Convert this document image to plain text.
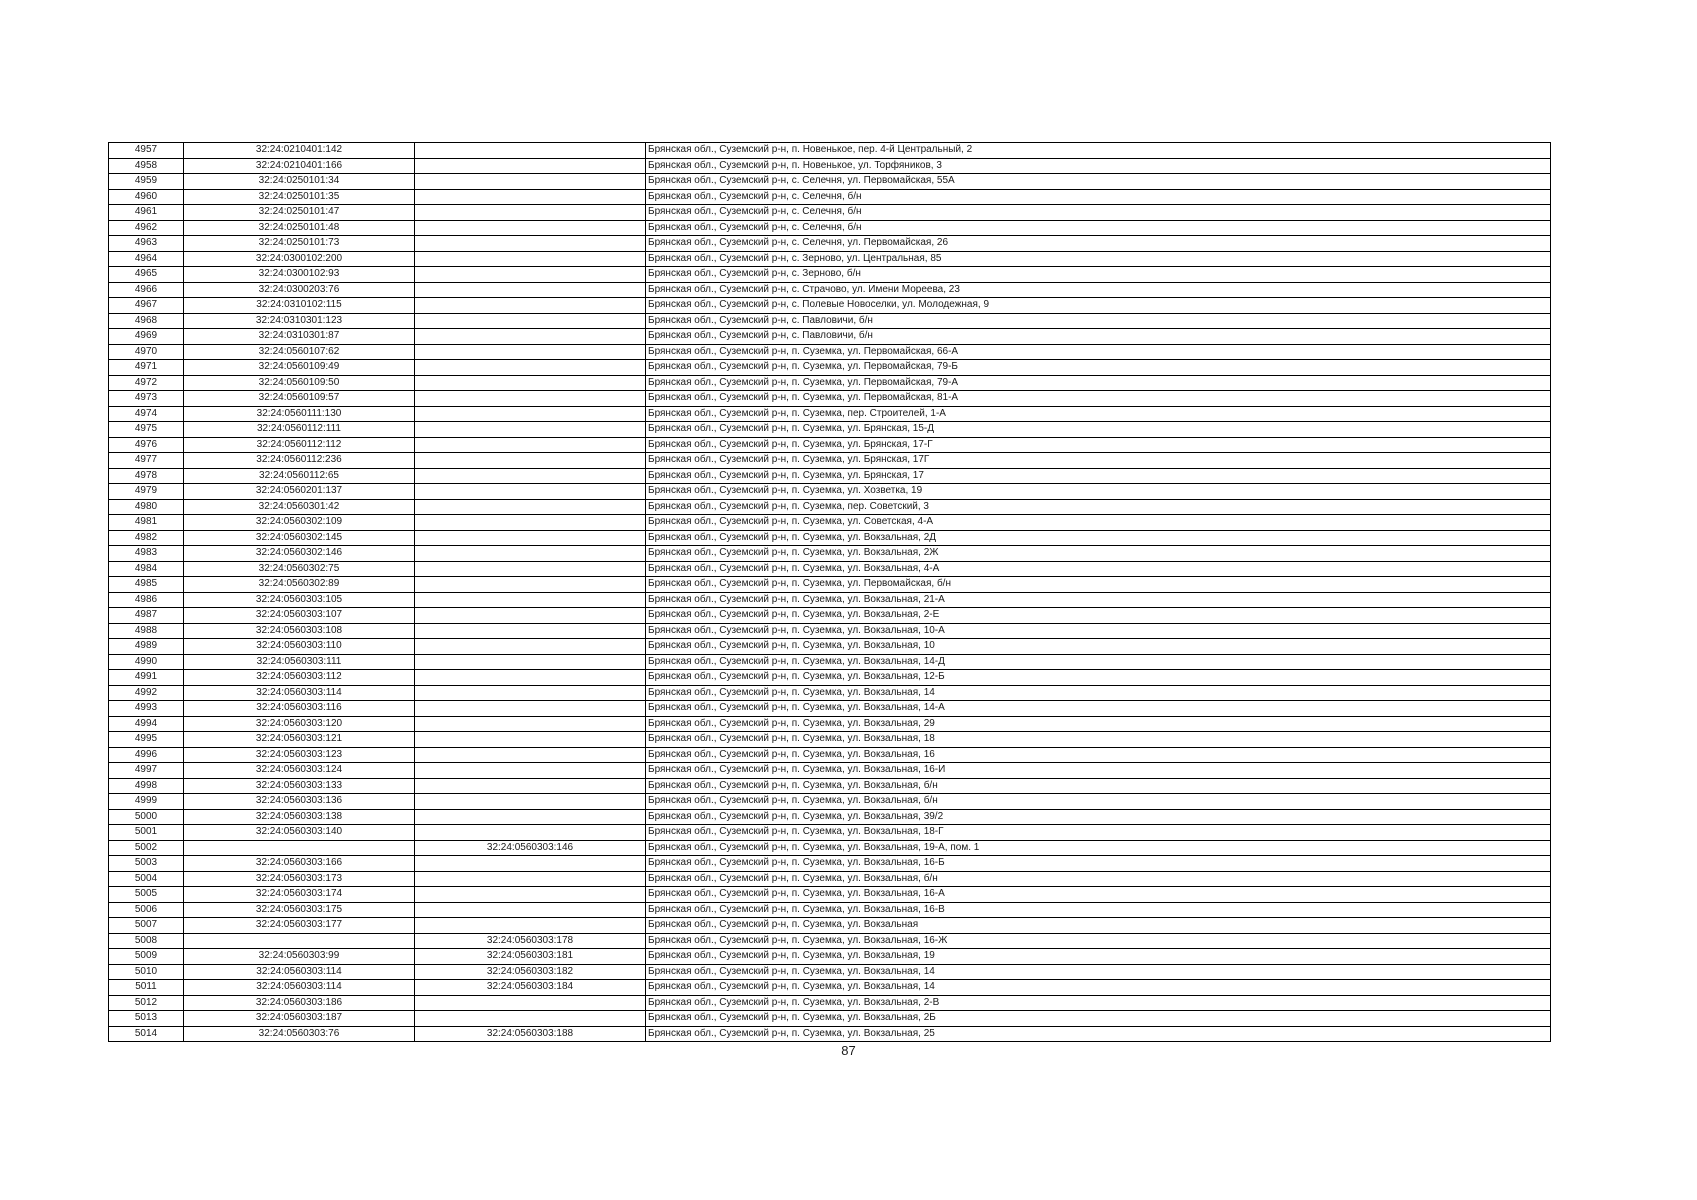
4957	32:24:0210401:142		Брянская обл., Суземский р-н, п. Новенькое, пер. 4-й Центральный, 2
4958	32:24:0210401:166		Брянская обл., Суземский р-н, п. Новенькое, ул. Торфяников, 3
4959	32:24:0250101:34		Брянская обл., Суземский р-н, с. Селечня, ул. Первомайская, 55А
4960	32:24:0250101:35		Брянская обл., Суземский р-н, с. Селечня, б/н
4961	32:24:0250101:47		Брянская обл., Суземский р-н, с. Селечня, б/н
4962	32:24:0250101:48		Брянская обл., Суземский р-н, с. Селечня, б/н
4963	32:24:0250101:73		Брянская обл., Суземский р-н, с. Селечня, ул. Первомайская, 26
4964	32:24:0300102:200		Брянская обл., Суземский р-н, с. Зерново, ул. Центральная, 85
4965	32:24:0300102:93		Брянская обл., Суземский р-н, с. Зерново, б/н
4966	32:24:0300203:76		Брянская обл., Суземский р-н, с. Страчово, ул. Имени Мореева, 23
4967	32:24:0310102:115		Брянская обл., Суземский р-н, с. Полевые Новоселки, ул. Молодежная, 9
4968	32:24:0310301:123		Брянская обл., Суземский р-н, с. Павловичи, б/н
4969	32:24:0310301:87		Брянская обл., Суземский р-н, с. Павловичи, б/н
4970	32:24:0560107:62		Брянская обл., Суземский р-н, п. Суземка, ул. Первомайская, 66-А
4971	32:24:0560109:49		Брянская обл., Суземский р-н, п. Суземка, ул. Первомайская, 79-Б
4972	32:24:0560109:50		Брянская обл., Суземский р-н, п. Суземка, ул. Первомайская, 79-А
4973	32:24:0560109:57		Брянская обл., Суземский р-н, п. Суземка, ул. Первомайская, 81-А
4974	32:24:0560111:130		Брянская обл., Суземский р-н, п. Суземка, пер. Строителей, 1-А
4975	32:24:0560112:111		Брянская обл., Суземский р-н, п. Суземка, ул. Брянская, 15-Д
4976	32:24:0560112:112		Брянская обл., Суземский р-н, п. Суземка, ул. Брянская, 17-Г
4977	32:24:0560112:236		Брянская обл., Суземский р-н, п. Суземка, ул. Брянская, 17Г
4978	32:24:0560112:65		Брянская обл., Суземский р-н, п. Суземка, ул. Брянская, 17
4979	32:24:0560201:137		Брянская обл., Суземский р-н, п. Суземка, ул. Хозветка, 19
4980	32:24:0560301:42		Брянская обл., Суземский р-н, п. Суземка, пер. Советский, 3
4981	32:24:0560302:109		Брянская обл., Суземский р-н, п. Суземка, ул. Советская, 4-А
4982	32:24:0560302:145		Брянская обл., Суземский р-н, п. Суземка, ул. Вокзальная, 2Д
4983	32:24:0560302:146		Брянская обл., Суземский р-н, п. Суземка, ул. Вокзальная, 2Ж
4984	32:24:0560302:75		Брянская обл., Суземский р-н, п. Суземка, ул. Вокзальная, 4-А
4985	32:24:0560302:89		Брянская обл., Суземский р-н, п. Суземка, ул. Первомайская, б/н
4986	32:24:0560303:105		Брянская обл., Суземский р-н, п. Суземка, ул. Вокзальная, 21-А
4987	32:24:0560303:107		Брянская обл., Суземский р-н, п. Суземка, ул. Вокзальная, 2-Е
4988	32:24:0560303:108		Брянская обл., Суземский р-н, п. Суземка, ул. Вокзальная, 10-А
4989	32:24:0560303:110		Брянская обл., Суземский р-н, п. Суземка, ул. Вокзальная, 10
4990	32:24:0560303:111		Брянская обл., Суземский р-н, п. Суземка, ул. Вокзальная, 14-Д
4991	32:24:0560303:112		Брянская обл., Суземский р-н, п. Суземка, ул. Вокзальная, 12-Б
4992	32:24:0560303:114		Брянская обл., Суземский р-н, п. Суземка, ул. Вокзальная, 14
4993	32:24:0560303:116		Брянская обл., Суземский р-н, п. Суземка, ул. Вокзальная, 14-А
4994	32:24:0560303:120		Брянская обл., Суземский р-н, п. Суземка, ул. Вокзальная, 29
4995	32:24:0560303:121		Брянская обл., Суземский р-н, п. Суземка, ул. Вокзальная, 18
4996	32:24:0560303:123		Брянская обл., Суземский р-н, п. Суземка, ул. Вокзальная, 16
4997	32:24:0560303:124		Брянская обл., Суземский р-н, п. Суземка, ул. Вокзальная, 16-И
4998	32:24:0560303:133		Брянская обл., Суземский р-н, п. Суземка, ул. Вокзальная, б/н
4999	32:24:0560303:136		Брянская обл., Суземский р-н, п. Суземка, ул. Вокзальная, б/н
5000	32:24:0560303:138		Брянская обл., Суземский р-н, п. Суземка, ул. Вокзальная, 39/2
5001	32:24:0560303:140		Брянская обл., Суземский р-н, п. Суземка, ул. Вокзальная, 18-Г
5002		32:24:0560303:146	Брянская обл., Суземский р-н, п. Суземка, ул. Вокзальная, 19-А, пом. 1
5003	32:24:0560303:166		Брянская обл., Суземский р-н, п. Суземка, ул. Вокзальная, 16-Б
5004	32:24:0560303:173		Брянская обл., Суземский р-н, п. Суземка, ул. Вокзальная, б/н
5005	32:24:0560303:174		Брянская обл., Суземский р-н, п. Суземка, ул. Вокзальная, 16-А
5006	32:24:0560303:175		Брянская обл., Суземский р-н, п. Суземка, ул. Вокзальная, 16-В
5007	32:24:0560303:177		Брянская обл., Суземский р-н, п. Суземка, ул. Вокзальная
5008		32:24:0560303:178	Брянская обл., Суземский р-н, п. Суземка, ул. Вокзальная, 16-Ж
5009	32:24:0560303:99	32:24:0560303:181	Брянская обл., Суземский р-н, п. Суземка, ул. Вокзальная, 19
5010	32:24:0560303:114	32:24:0560303:182	Брянская обл., Суземский р-н, п. Суземка, ул. Вокзальная, 14
5011	32:24:0560303:114	32:24:0560303:184	Брянская обл., Суземский р-н, п. Суземка, ул. Вокзальная, 14
5012	32:24:0560303:186		Брянская обл., Суземский р-н, п. Суземка, ул. Вокзальная, 2-В
5013	32:24:0560303:187		Брянская обл., Суземский р-н, п. Суземка, ул. Вокзальная, 2Б
5014	32:24:0560303:76	32:24:0560303:188	Брянская обл., Суземский р-н, п. Суземка, ул. Вокзальная, 25
87
